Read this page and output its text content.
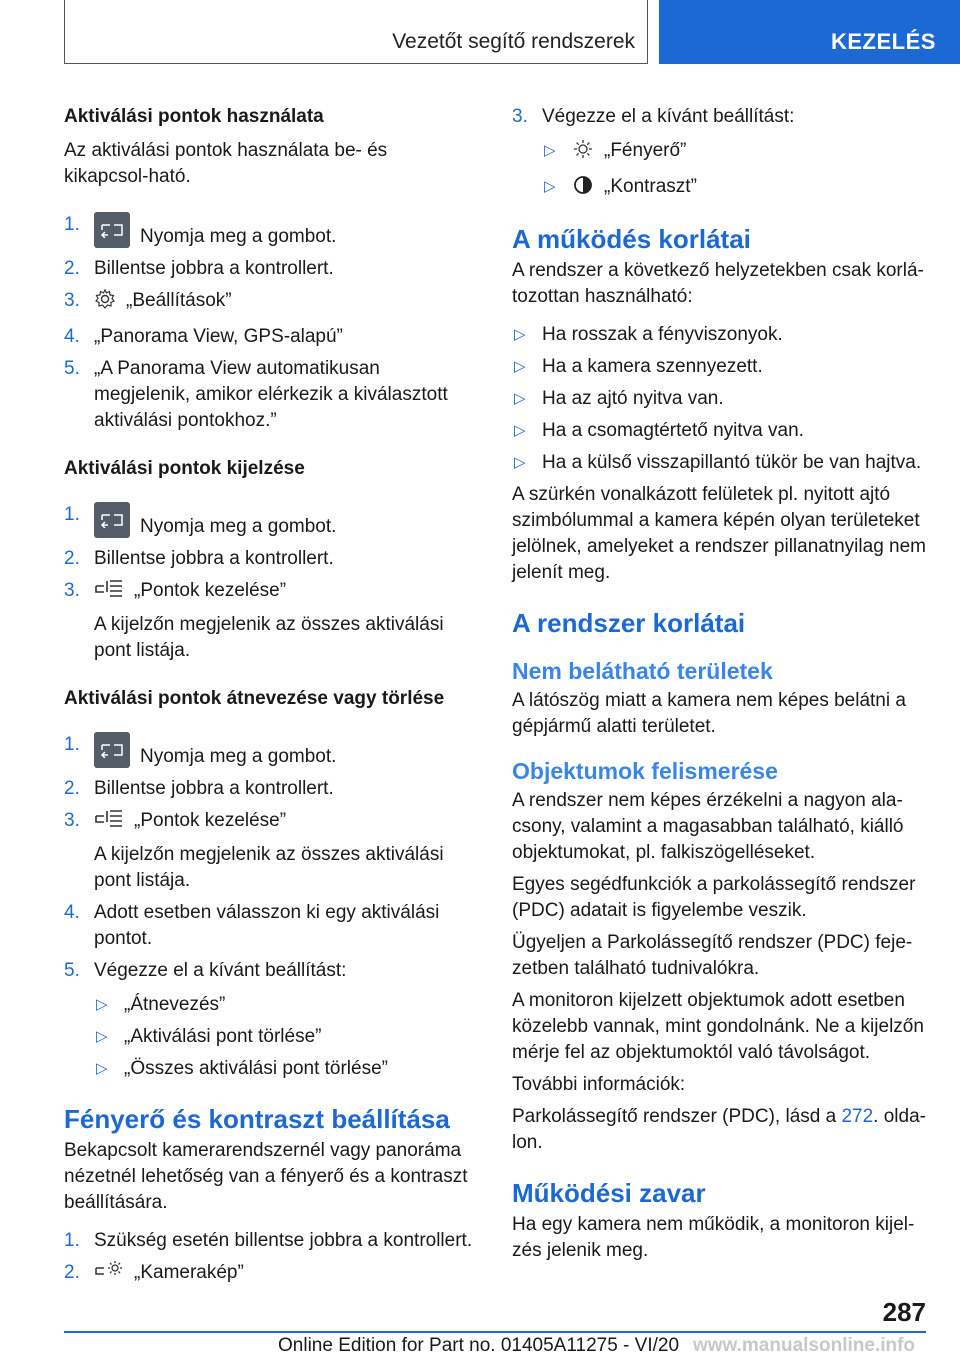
Vezetőt segítő rendszerek	KEZELÉS
Aktiválási pontok használata
Az aktiválási pontok használata be- és kikapcsol-ható.
1.
Nyomja meg a gombot.
2. Billentse jobbra a kontrollert.
3. „Beállítások”
4. „Panorama View, GPS-alapú”
5. „A Panorama View automatikusan megjelenik, amikor elérkezik a kiválasztott aktiválási pontokhoz.”
Aktiválási pontok kijelzése
1.
Nyomja meg a gombot.
2. Billentse jobbra a kontrollert.
3.	„Pontok kezelése”
A kijelzőn megjelenik az összes aktiválási pont listája.
Aktiválási pontok átnevezése vagy törlése
1.
Nyomja meg a gombot.
2. Billentse jobbra a kontrollert.
3.	„Pontok kezelése”
A kijelzőn megjelenik az összes aktiválási pont listája.
4. Adott esetben válasszon ki egy aktiválási pontot.
5. Végezze el a kívánt beállítást:
▷ „Átnevezés”
▷ „Aktiválási pont törlése”
▷ „Összes aktiválási pont törlése”
Fényerő és kontraszt beállítása
Bekapcsolt kamerarendszernél vagy panoráma nézetnél lehetőség van a fényerő és a kontraszt beállítására.
1. Szükség esetén billentse jobbra a kontrollert.
2.	„Kamerakép”
3. Végezze el a kívánt beállítást:
▷	„Fényerő”
▷	„Kontraszt”
A működés korlátai
A rendszer a következő helyzetekben csak korlá-tozottan használható:
▷ Ha rosszak a fényviszonyok.
▷ Ha a kamera szennyezett.
▷ Ha az ajtó nyitva van.
▷ Ha a csomagtértető nyitva van.
▷ Ha a külső visszapillantó tükör be van hajtva.
A szürkén vonalkázott felületek pl. nyitott ajtó szimbólummal a kamera képén olyan területeket jelölnek, amelyeket a rendszer pillanatnyilag nem jelenít meg.
A rendszer korlátai
Nem belátható területek
A látószög miatt a kamera nem képes belátni a gépjármű alatti területet.
Objektumok felismerése
A rendszer nem képes érzékelni a nagyon ala-csony, valamint a magasabban található, kiálló objektumokat, pl. falkiszögelléseket.
Egyes segédfunkciók a parkolássegítő rendszer (PDC) adatait is figyelembe veszik.
Ügyeljen a Parkolássegítő rendszer (PDC) feje-zetben található tudnivalókra.
A monitoron kijelzett objektumok adott esetben közelebb vannak, mint gondolnánk. Ne a kijelzőn mérje fel az objektumoktól való távolságot.
További információk:
Parkolássegítő rendszer (PDC), lásd a 272. olda-lon.
Működési zavar
Ha egy kamera nem működik, a monitoron kijel-zés jelenik meg.
287
Online Edition for Part no. 01405A11275 - VI/20 www.manualsonline.info
